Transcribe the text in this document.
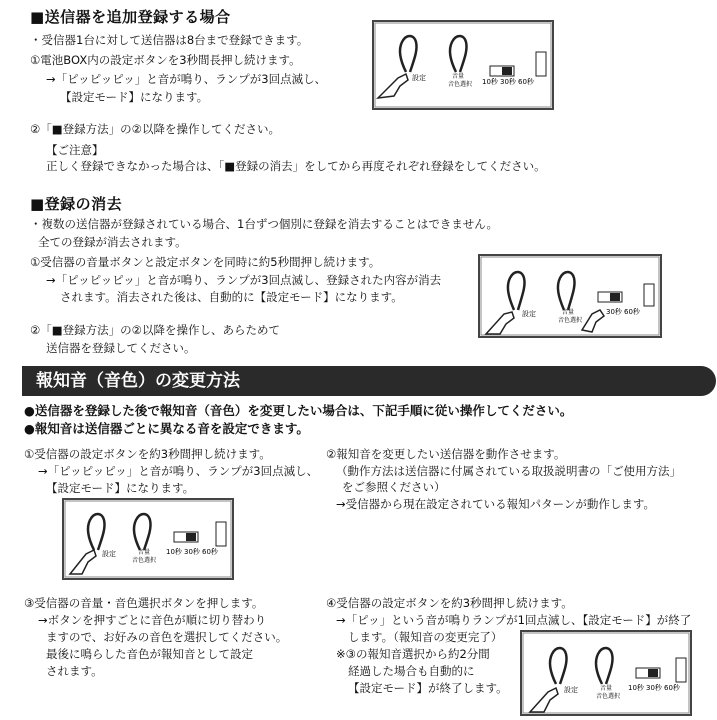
■送信器を追加登録する場合
・受信器1台に対して送信器は8台まで登録できます。
①電池BOX内の設定ボタンを3秒間長押し続けます。
→「ピッピッピッ」と音が鳴り、ランプが3回点滅し、
【設定モード】になります。
②「■登録方法」の②以降を操作してください。
【ご注意】
正しく登録できなかった場合は、「■登録の消去」をしてから再度それぞれ登録をしてください。
設定	音量
音色選択 10秒 30秒 60秒
■登録の消去
・複数の送信器が登録されている場合、1台ずつ個別に登録を消去することはできません。
全ての登録が消去されます。
①受信器の音量ボタンと設定ボタンを同時に約5秒間押し続けます。
→「ピッピッピッ」と音が鳴り、ランプが3回点滅し、登録された内容が消去
されます。消去された後は、自動的に【設定モード】になります。
②「■登録方法」の②以降を操作し、あらためて
送信器を登録してください。
設定	音量
音色選択
30秒 60秒
報知音（音色）の変更方法
●送信器を登録した後で報知音（音色）を変更したい場合は、下記手順に従い操作してください。
●報知音は送信器ごとに異なる音を設定できます。
①受信器の設定ボタンを約3秒間押し続けます。
→「ピッピッピッ」と音が鳴り、ランプが3回点滅し、
【設定モード】になります。
設定	音量
音色選択
10秒 30秒 60秒
②報知音を変更したい送信器を動作させます。
（動作方法は送信器に付属されている取扱説明書の「ご使用方法」
をご参照ください）
→受信器から現在設定されている報知パターンが動作します。
③受信器の音量・音色選択ボタンを押します。
→ボタンを押すごとに音色が順に切り替わり
ますので、お好みの音色を選択してください。
最後に鳴らした音色が報知音として設定
されます。
④受信器の設定ボタンを約3秒間押し続けます。
→「ピッ」という音が鳴りランプが1回点滅し、【設定モード】が終了
します。（報知音の変更完了）
※③の報知音選択から約2分間
経過した場合も自動的に
【設定モード】が終了します。	設定	音量
音色選択
10秒 30秒 60秒
